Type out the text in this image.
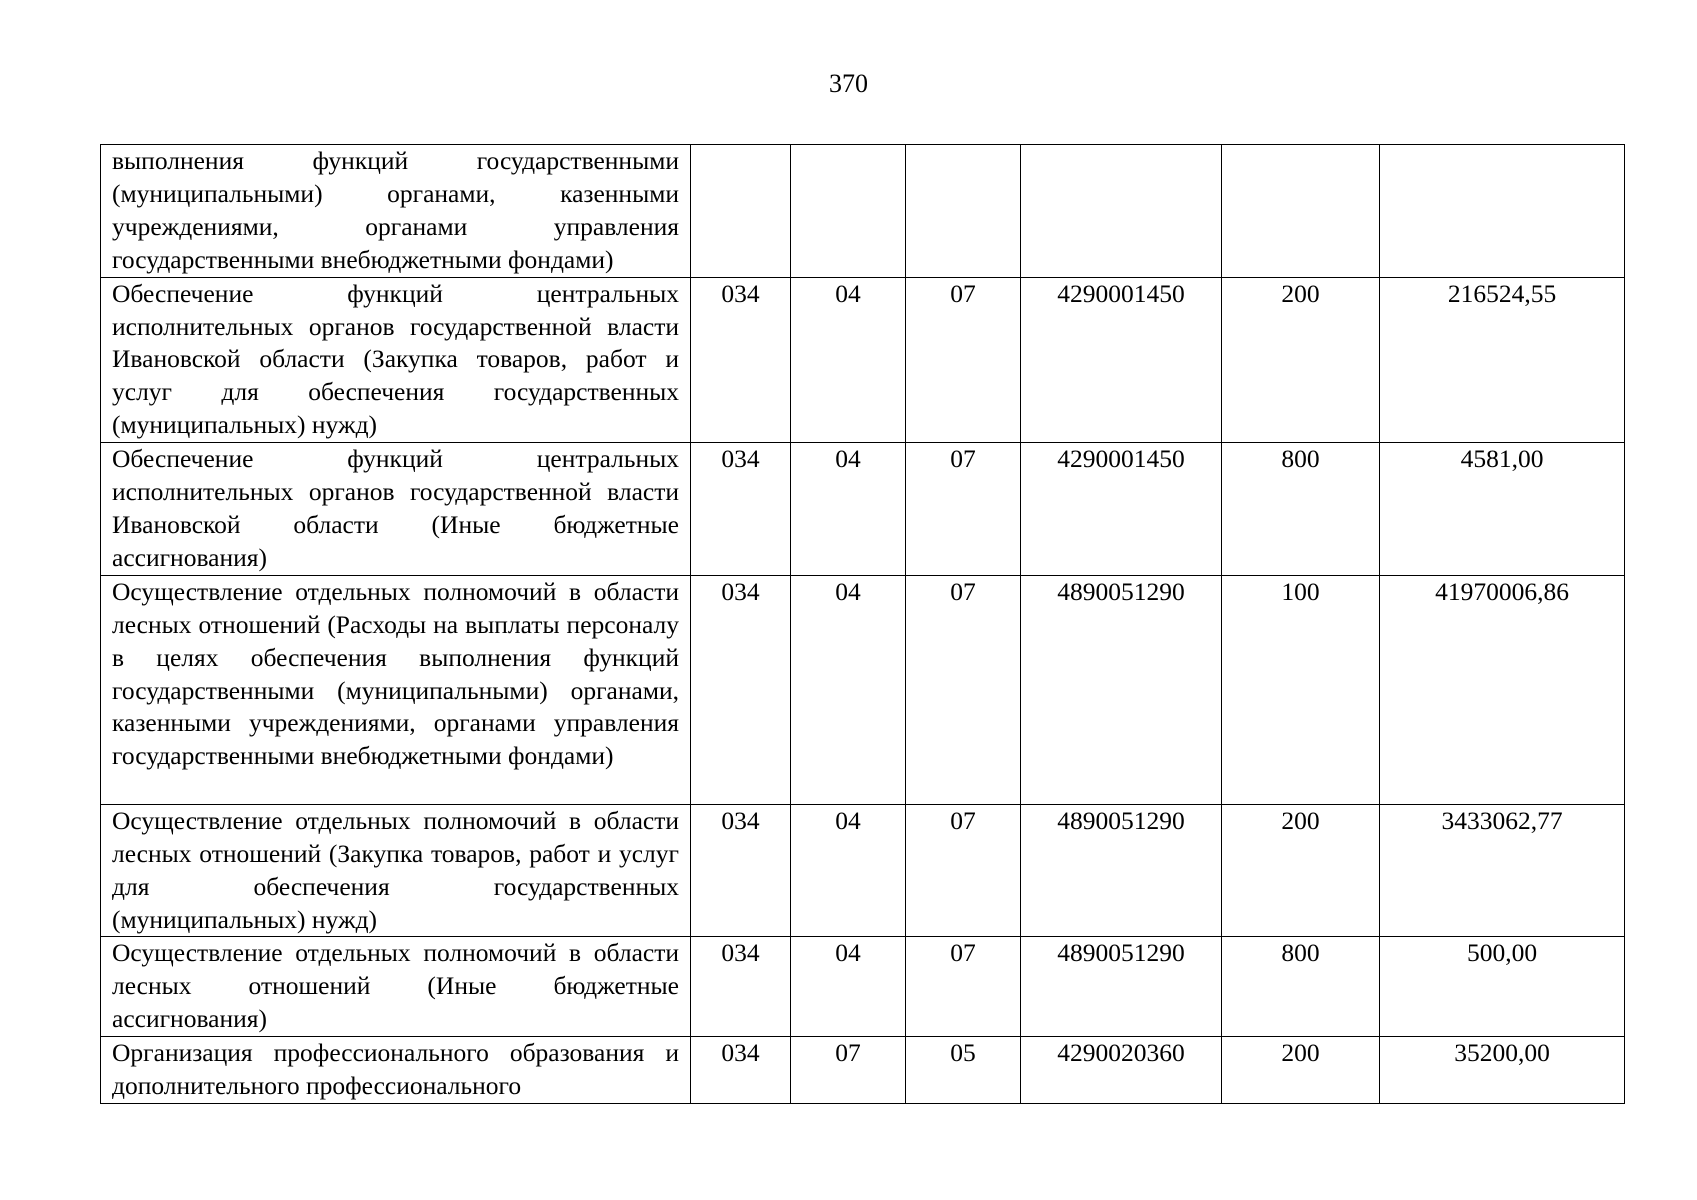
370
выполнения функций государственными (муниципальными) органами, казенными учреждениями, органами управления государственными внебюджетными фондами)						
Обеспечение функций центральных исполнительных органов государственной власти Ивановской области (Закупка товаров, работ и услуг для обеспечения государственных (муниципальных) нужд)	034	04	07	4290001450	200	216524,55
Обеспечение функций центральных исполнительных органов государственной власти Ивановской области (Иные бюджетные ассигнования)	034	04	07	4290001450	800	4581,00
Осуществление отдельных полномочий в области лесных отношений (Расходы на выплаты персоналу в целях обеспечения выполнения функций государственными (муниципальными) органами, казенными учреждениями, органами управления государственными внебюджетными фондами)	034	04	07	4890051290	100	41970006,86
Осуществление отдельных полномочий в области лесных отношений (Закупка товаров, работ и услуг для обеспечения государственных (муниципальных) нужд)	034	04	07	4890051290	200	3433062,77
Осуществление отдельных полномочий в области лесных отношений (Иные бюджетные ассигнования)	034	04	07	4890051290	800	500,00
Организация профессионального образования и дополнительного профессионального	034	07	05	4290020360	200	35200,00
